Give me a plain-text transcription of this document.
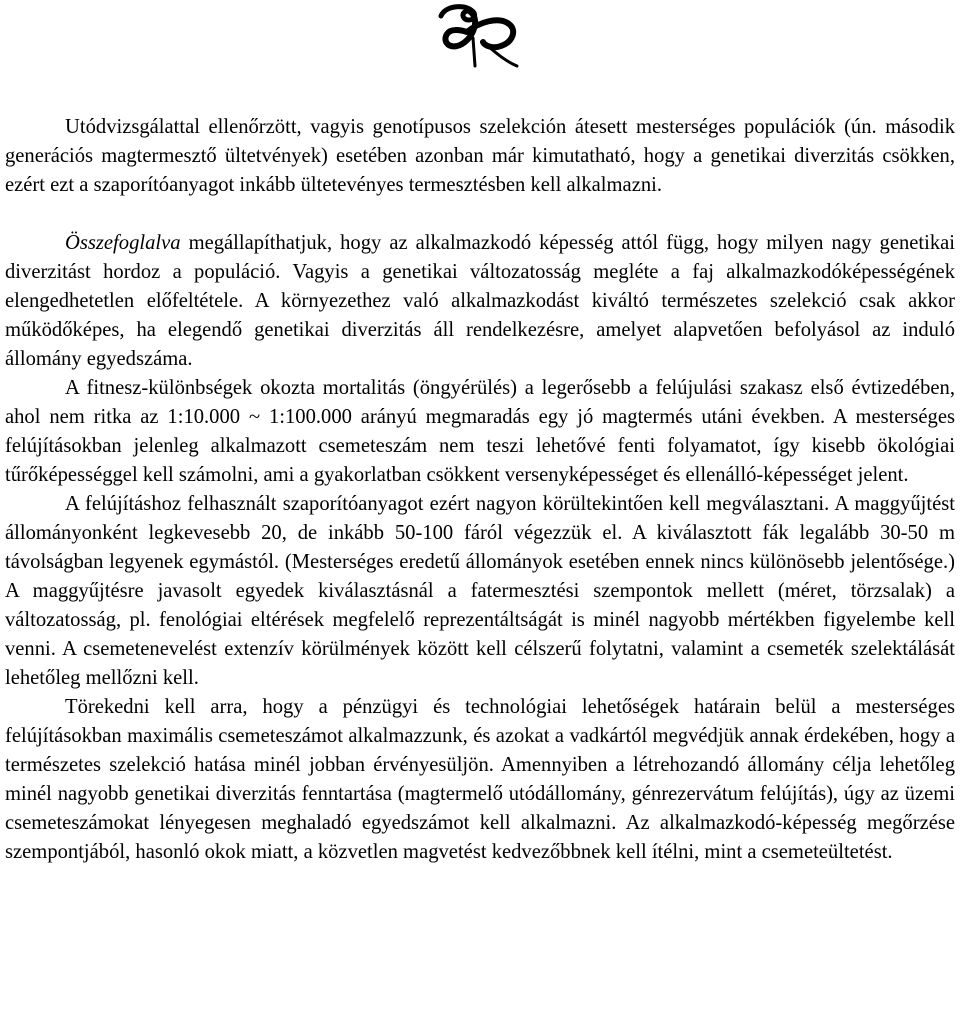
Utódvizsgálattal ellenőrzött, vagyis genotípusos szelekción átesett mesterséges populációk (ún. második generációs magtermesztő ültetvények) esetében azonban már kimutatható, hogy a genetikai diverzitás csökken, ezért ezt a szaporítóanyagot inkább ültetevényes termesztésben kell alkalmazni.

Összefoglalva megállapíthatjuk, hogy az alkalmazkodó képesség attól függ, hogy milyen nagy genetikai diverzitást hordoz a populáció. Vagyis a genetikai változatosság megléte a faj alkalmazkodóképességének elengedhetetlen előfeltétele. A környezethez való alkalmazkodást kiváltó természetes szelekció csak akkor működőképes, ha elegendő genetikai diverzitás áll rendelkezésre, amelyet alapvetően befolyásol az induló állomány egyedszáma.

A fitnesz-különbségek okozta mortalitás (öngyérülés) a legerősebb a felújulási szakasz első évtizedében, ahol nem ritka az 1:10.000 ~ 1:100.000 arányú megmaradás egy jó magtermés utáni években. A mesterséges felújításokban jelenleg alkalmazott csemeteszám nem teszi lehetővé fenti folyamatot, így kisebb ökológiai tűrőképességgel kell számolni, ami a gyakorlatban csökkent versenyképességet és ellenálló-képességet jelent.

A felújításhoz felhasznált szaporítóanyagot ezért nagyon körültekintően kell megválasztani. A maggyűjtést állományonként legkevesebb 20, de inkább 50-100 fáról végezzük el. A kiválasztott fák legalább 30-50 m távolságban legyenek egymástól. (Mesterséges eredetű állományok esetében ennek nincs különösebb jelentősége.) A maggyűjtésre javasolt egyedek kiválasztásnál a fatermesztési szempontok mellett (méret, törzsalak) a változatosság, pl. fenológiai eltérések megfelelő reprezentáltságát is minél nagyobb mértékben figyelembe kell venni. A csemetenevelést extenzív körülmények között kell célszerű folytatni, valamint a csemeték szelektálását lehetőleg mellőzni kell.

Törekedni kell arra, hogy a pénzügyi és technológiai lehetőségek határain belül a mesterséges felújításokban maximális csemeteszámot alkalmazzunk, és azokat a vadkártól megvédjük annak érdekében, hogy a természetes szelekció hatása minél jobban érvényesüljön. Amennyiben a létrehozandó állomány célja lehetőleg minél nagyobb genetikai diverzitás fenntartása (magtermelő utódállomány, génrezervátum felújítás), úgy az üzemi csemeteszámokat lényegesen meghaladó egyedszámot kell alkalmazni. Az alkalmazkodó-képesség megőrzése szempontjából, hasonló okok miatt, a közvetlen magvetést kedvezőbbnek kell ítélni, mint a csemeteültetést.
